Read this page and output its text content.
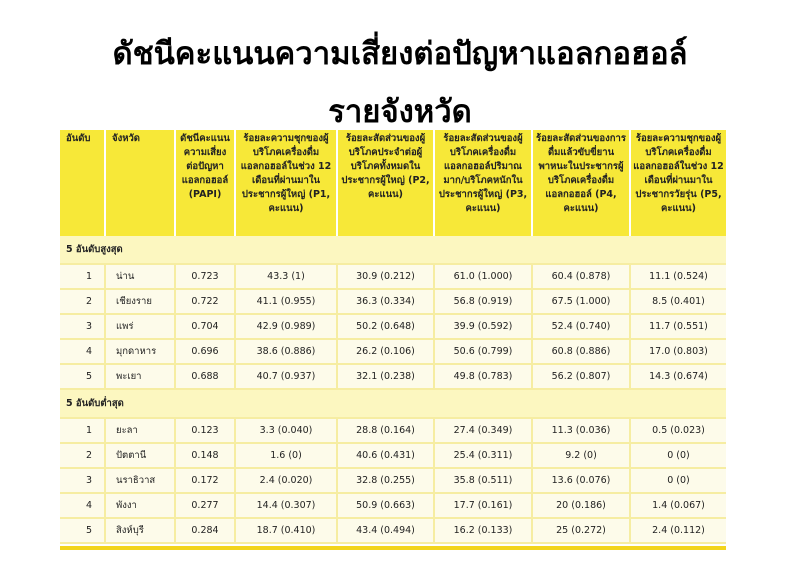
ดัชนีคะแนนความเสี่ยงต่อปัญหาแอลกอฮอล์
รายจังหวัด
อันดับ	จังหวัด	ดัชนีคะแนนความเสี่ยงต่อปัญหาแอลกอฮอล์ (PAPI)	ร้อยละความชุกของผู้บริโภคเครื่องดื่มแอลกอฮอล์ในช่วง 12 เดือนที่ผ่านมาในประชากรผู้ใหญ่ (P1, คะแนน)	ร้อยละสัดส่วนของผู้บริโภคประจำต่อผู้บริโภคทั้งหมดในประชากรผู้ใหญ่ (P2, คะแนน)	ร้อยละสัดส่วนของผู้บริโภคเครื่องดื่มแอลกอฮอล์ปริมาณมาก/บริโภคหนักในประชากรผู้ใหญ่ (P3, คะแนน)	ร้อยละสัดส่วนของการดื่มแล้วขับขี่ยานพาหนะในประชากรผู้บริโภคเครื่องดื่มแอลกอฮอล์ (P4, คะแนน)	ร้อยละความชุกของผู้บริโภคเครื่องดื่มแอลกอฮอล์ในช่วง 12 เดือนที่ผ่านมาในประชากรวัยรุ่น (P5, คะแนน)
5 อันดับสูงสุด							
1	น่าน	0.723	43.3 (1)	30.9 (0.212)	61.0 (1.000)	60.4 (0.878)	11.1 (0.524)
2	เชียงราย	0.722	41.1 (0.955)	36.3 (0.334)	56.8 (0.919)	67.5 (1.000)	8.5 (0.401)
3	แพร่	0.704	42.9 (0.989)	50.2 (0.648)	39.9 (0.592)	52.4 (0.740)	11.7 (0.551)
4	มุกดาหาร	0.696	38.6 (0.886)	26.2 (0.106)	50.6 (0.799)	60.8 (0.886)	17.0 (0.803)
5	พะเยา	0.688	40.7 (0.937)	32.1 (0.238)	49.8 (0.783)	56.2 (0.807)	14.3 (0.674)
5 อันดับต่ำสุด							
1	ยะลา	0.123	3.3 (0.040)	28.8 (0.164)	27.4 (0.349)	11.3 (0.036)	0.5 (0.023)
2	ปัตตานี	0.148	1.6 (0)	40.6 (0.431)	25.4 (0.311)	9.2 (0)	0 (0)
3	นราธิวาส	0.172	2.4 (0.020)	32.8 (0.255)	35.8 (0.511)	13.6 (0.076)	0 (0)
4	พังงา	0.277	14.4 (0.307)	50.9 (0.663)	17.7 (0.161)	20 (0.186)	1.4 (0.067)
5	สิงห์บุรี	0.284	18.7 (0.410)	43.4 (0.494)	16.2 (0.133)	25 (0.272)	2.4 (0.112)
